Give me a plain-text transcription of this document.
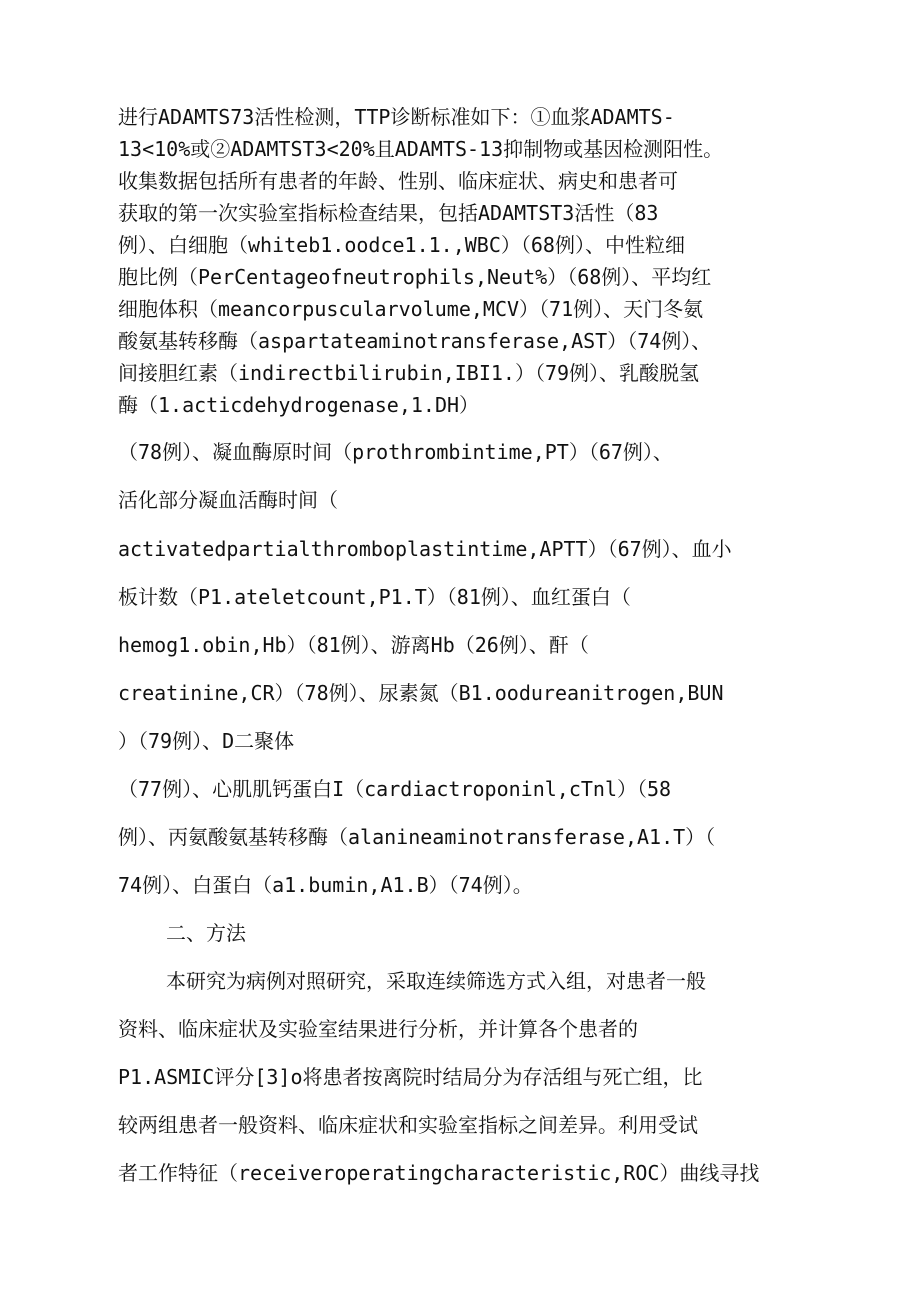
进行ADAMTS73活性检测，TTP诊断标准如下：①血浆ADAMTS-
13<10%或②ADAMTST3<20%且ADAMTS-13抑制物或基因检测阳性。
收集数据包括所有患者的年龄、性别、临床症状、病史和患者可
获取的第一次实验室指标检查结果，包括ADAMTST3活性（83
例）、白细胞（whiteb1.oodce1.1.,WBC）（68例）、中性粒细
胞比例（PerCentageofneutrophils,Neut%）（68例）、平均红
细胞体积（meancorpuscularvolume,MCV）（71例）、天门冬氨
酸氨基转移酶（aspartateaminotransferase,AST）（74例）、
间接胆红素（indirectbilirubin,IBI1.）（79例）、乳酸脱氢
酶（1.acticdehydrogenase,1.DH）
（78例）、凝血酶原时间（prothrombintime,PT）（67例）、
活化部分凝血活酶时间（
activatedpartialthromboplastintime,APTT）（67例）、血小
板计数（P1.ateletcount,P1.T）（81例）、血红蛋白（
hemog1.obin,Hb）（81例）、游离Hb（26例）、酐（
creatinine,CR）（78例）、尿素氮（B1.oodureanitrogen,BUN
）（79例）、D二聚体
（77例）、心肌肌钙蛋白I（cardiactroponinl,cTnl）（58
例）、丙氨酸氨基转移酶（alanineaminotransferase,A1.T）（
74例）、白蛋白（a1.bumin,A1.B）（74例）。
二、方法
本研究为病例对照研究，采取连续筛选方式入组，对患者一般
资料、临床症状及实验室结果进行分析，并计算各个患者的
P1.ASMIC评分[3]o将患者按离院时结局分为存活组与死亡组，比
较两组患者一般资料、临床症状和实验室指标之间差异。利用受试
者工作特征（receiveroperatingcharacteristic,ROC）曲线寻找
